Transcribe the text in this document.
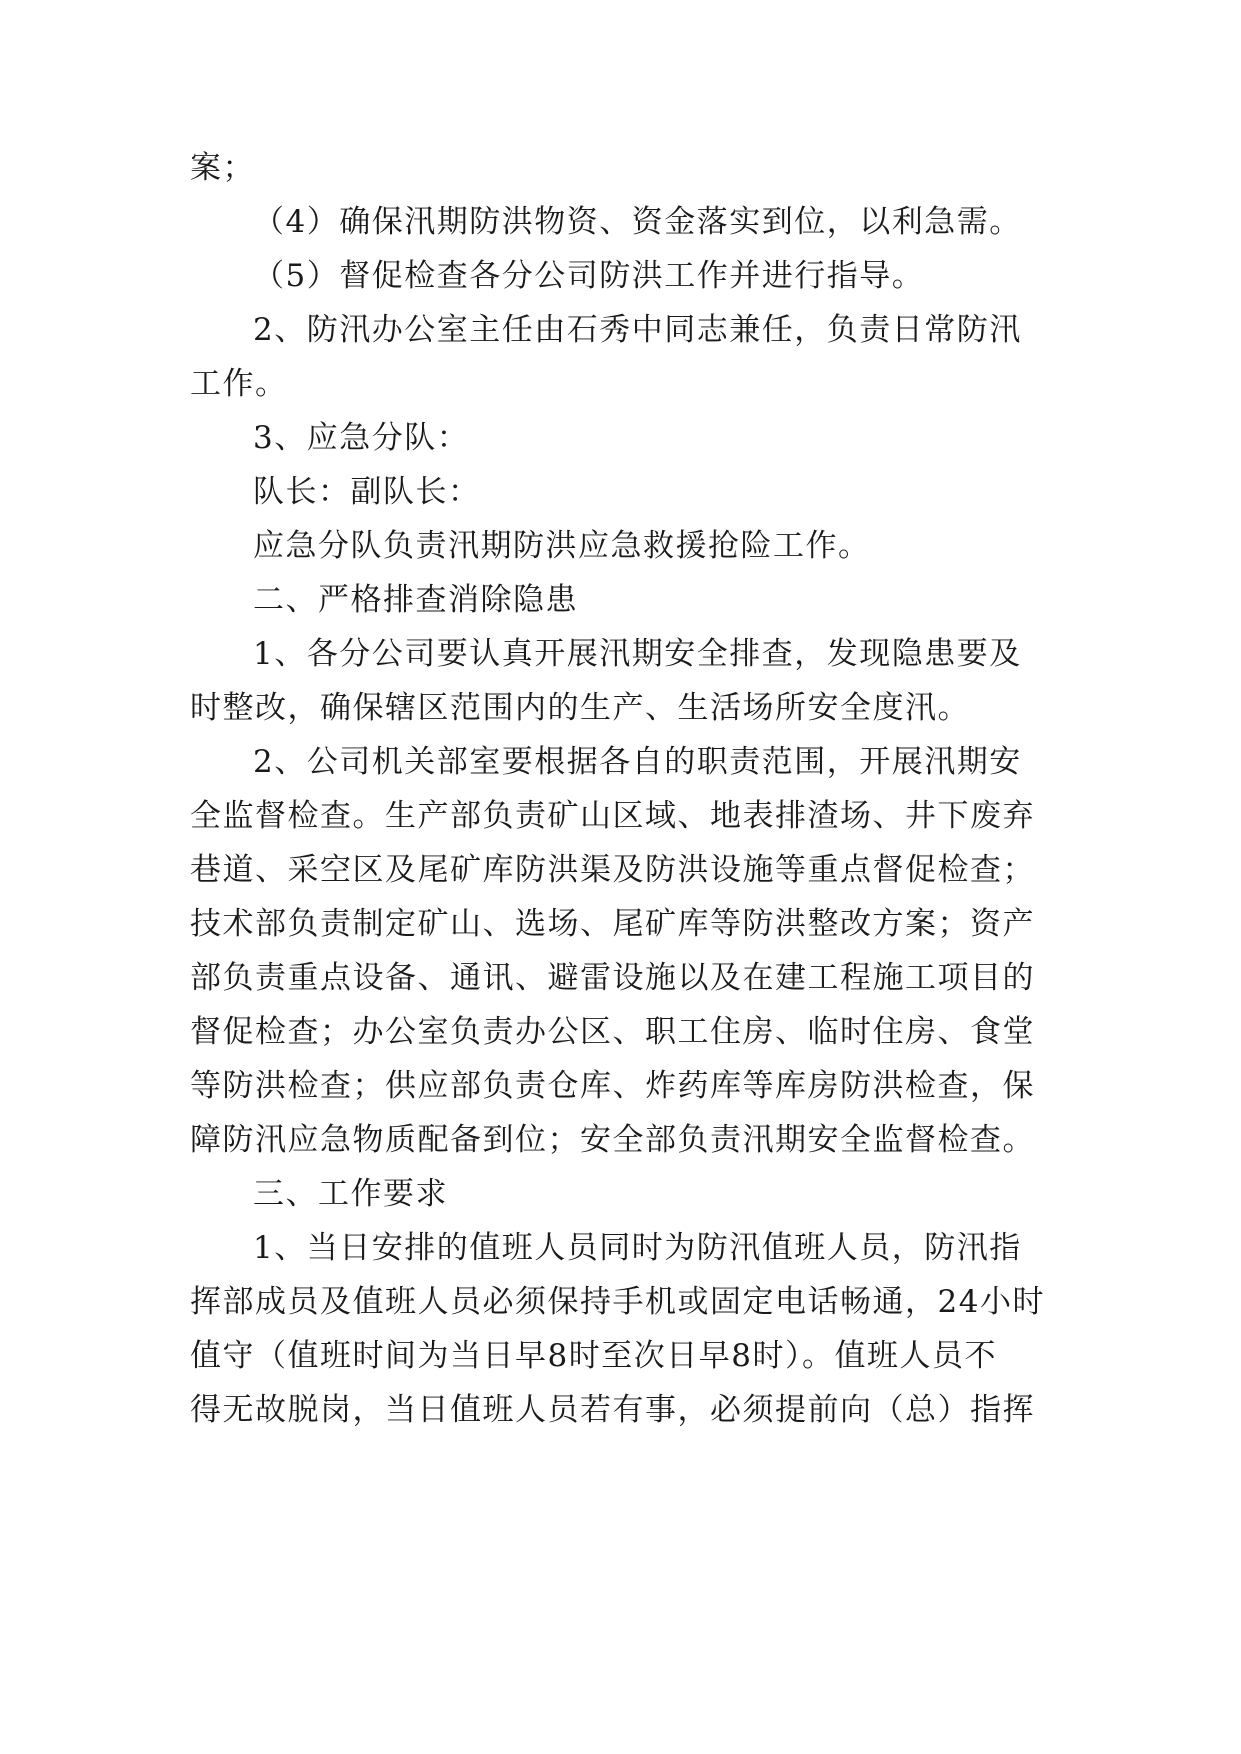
案；
（4）确保汛期防洪物资、资金落实到位，以利急需。
（5）督促检查各分公司防洪工作并进行指导。
2、防汛办公室主任由石秀中同志兼任，负责日常防汛
工作。
3、应急分队：
队长：副队长：
应急分队负责汛期防洪应急救援抢险工作。
二、严格排查消除隐患
1、各分公司要认真开展汛期安全排查，发现隐患要及
时整改，确保辖区范围内的生产、生活场所安全度汛。
2、公司机关部室要根据各自的职责范围，开展汛期安
全监督检查。生产部负责矿山区域、地表排渣场、井下废弃
巷道、采空区及尾矿库防洪渠及防洪设施等重点督促检查；
技术部负责制定矿山、选场、尾矿库等防洪整改方案；资产
部负责重点设备、通讯、避雷设施以及在建工程施工项目的
督促检查；办公室负责办公区、职工住房、临时住房、食堂
等防洪检查；供应部负责仓库、炸药库等库房防洪检查，保
障防汛应急物质配备到位；安全部负责汛期安全监督检查。
三、工作要求
1、当日安排的值班人员同时为防汛值班人员，防汛指
挥部成员及值班人员必须保持手机或固定电话畅通，24小时
值守（值班时间为当日早8时至次日早8时）。值班人员不
得无故脱岗，当日值班人员若有事，必须提前向（总）指挥
